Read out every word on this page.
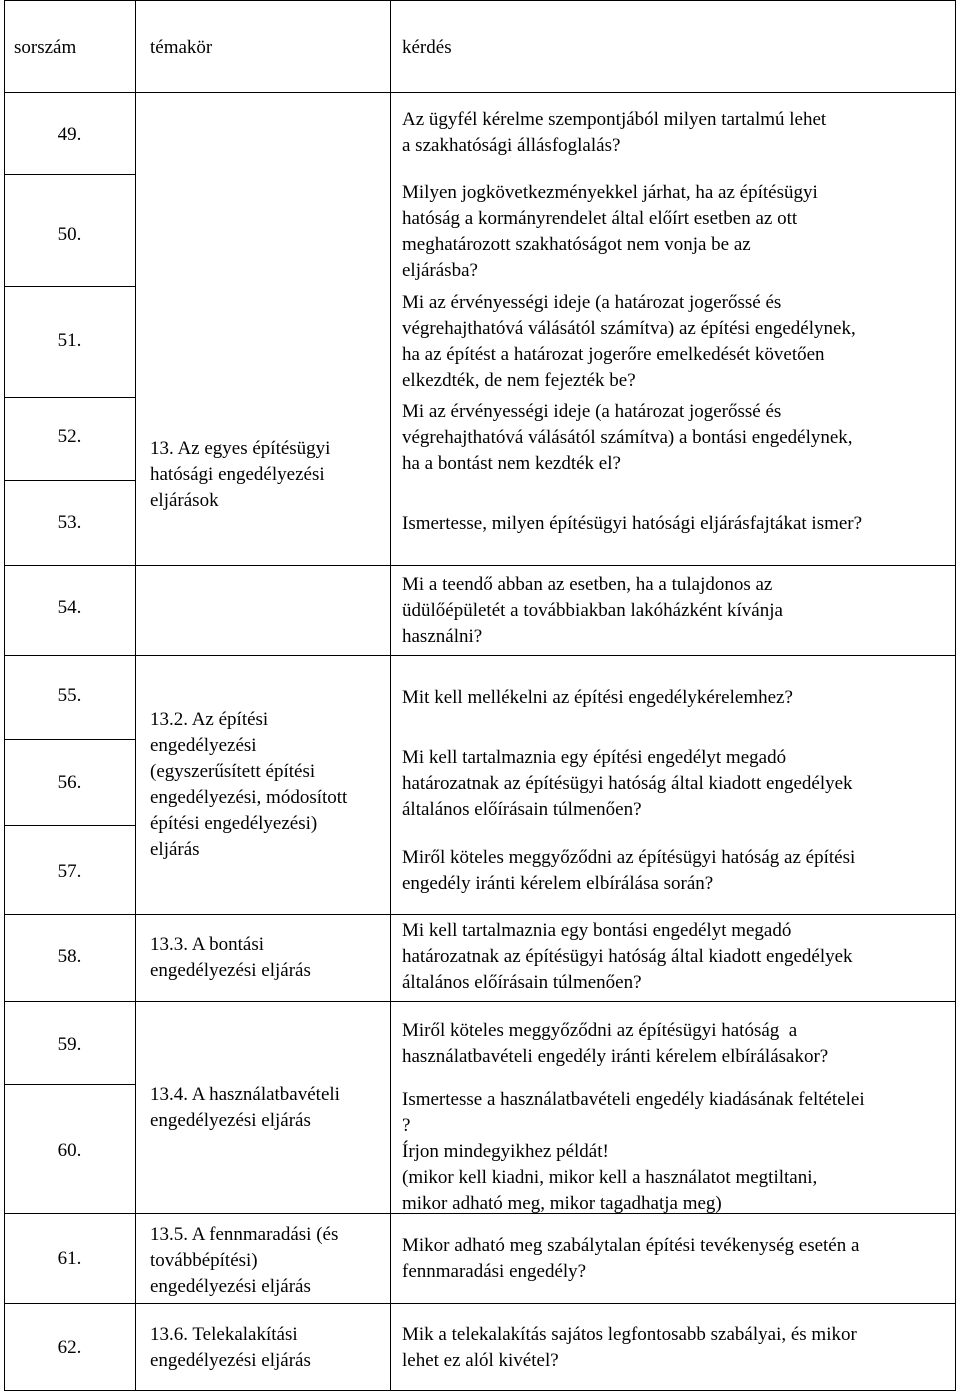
sorszám	témakör	kérdés
49.
50.
51.
52.
53.
54.
55.
56.
57.
58.
59.
60.
61.
62.
13. Az egyes építésügyi
hatósági engedélyezési
eljárások
13.2. Az építési
engedélyezési
(egyszerűsített építési
engedélyezési, módosított
építési engedélyezési)
eljárás
13.3. A bontási
engedélyezési eljárás
13.4. A használatbavételi
engedélyezési eljárás
13.5. A fennmaradási (és
továbbépítési)
engedélyezési eljárás
13.6. Telekalakítási
engedélyezési eljárás
Az ügyfél kérelme szempontjából milyen tartalmú lehet
a szakhatósági állásfoglalás?
Milyen jogkövetkezményekkel járhat, ha az építésügyi
hatóság a kormányrendelet által előírt esetben az ott
meghatározott szakhatóságot nem vonja be az
eljárásba?
Mi az érvényességi ideje (a határozat jogerőssé és
végrehajthatóvá válásától számítva) az építési engedélynek,
ha az építést a határozat jogerőre emelkedését követően
elkezdték, de nem fejezték be?
Mi az érvényességi ideje (a határozat jogerőssé és
végrehajthatóvá válásától számítva) a bontási engedélynek,
ha a bontást nem kezdték el?
Ismertesse, milyen építésügyi hatósági eljárásfajtákat ismer?
Mi a teendő abban az esetben, ha a tulajdonos az
üdülőépületét a továbbiakban lakóházként kívánja
használni?
Mit kell mellékelni az építési engedélykérelemhez?
Mi kell tartalmaznia egy építési engedélyt megadó
határozatnak az építésügyi hatóság által kiadott engedélyek
általános előírásain túlmenően?
Miről köteles meggyőződni az építésügyi hatóság az építési
engedély iránti kérelem elbírálása során?
Mi kell tartalmaznia egy bontási engedélyt megadó
határozatnak az építésügyi hatóság által kiadott engedélyek
általános előírásain túlmenően?
Miről köteles meggyőződni az építésügyi hatóság  a
használatbavételi engedély iránti kérelem elbírálásakor?
Ismertesse a használatbavételi engedély kiadásának feltételei
?
Írjon mindegyikhez példát!
(mikor kell kiadni, mikor kell a használatot megtiltani,
mikor adható meg, mikor tagadhatja meg)
Mikor adható meg szabálytalan építési tevékenység esetén a
fennmaradási engedély?
Mik a telekalakítás sajátos legfontosabb szabályai, és mikor
lehet ez alól kivétel?
